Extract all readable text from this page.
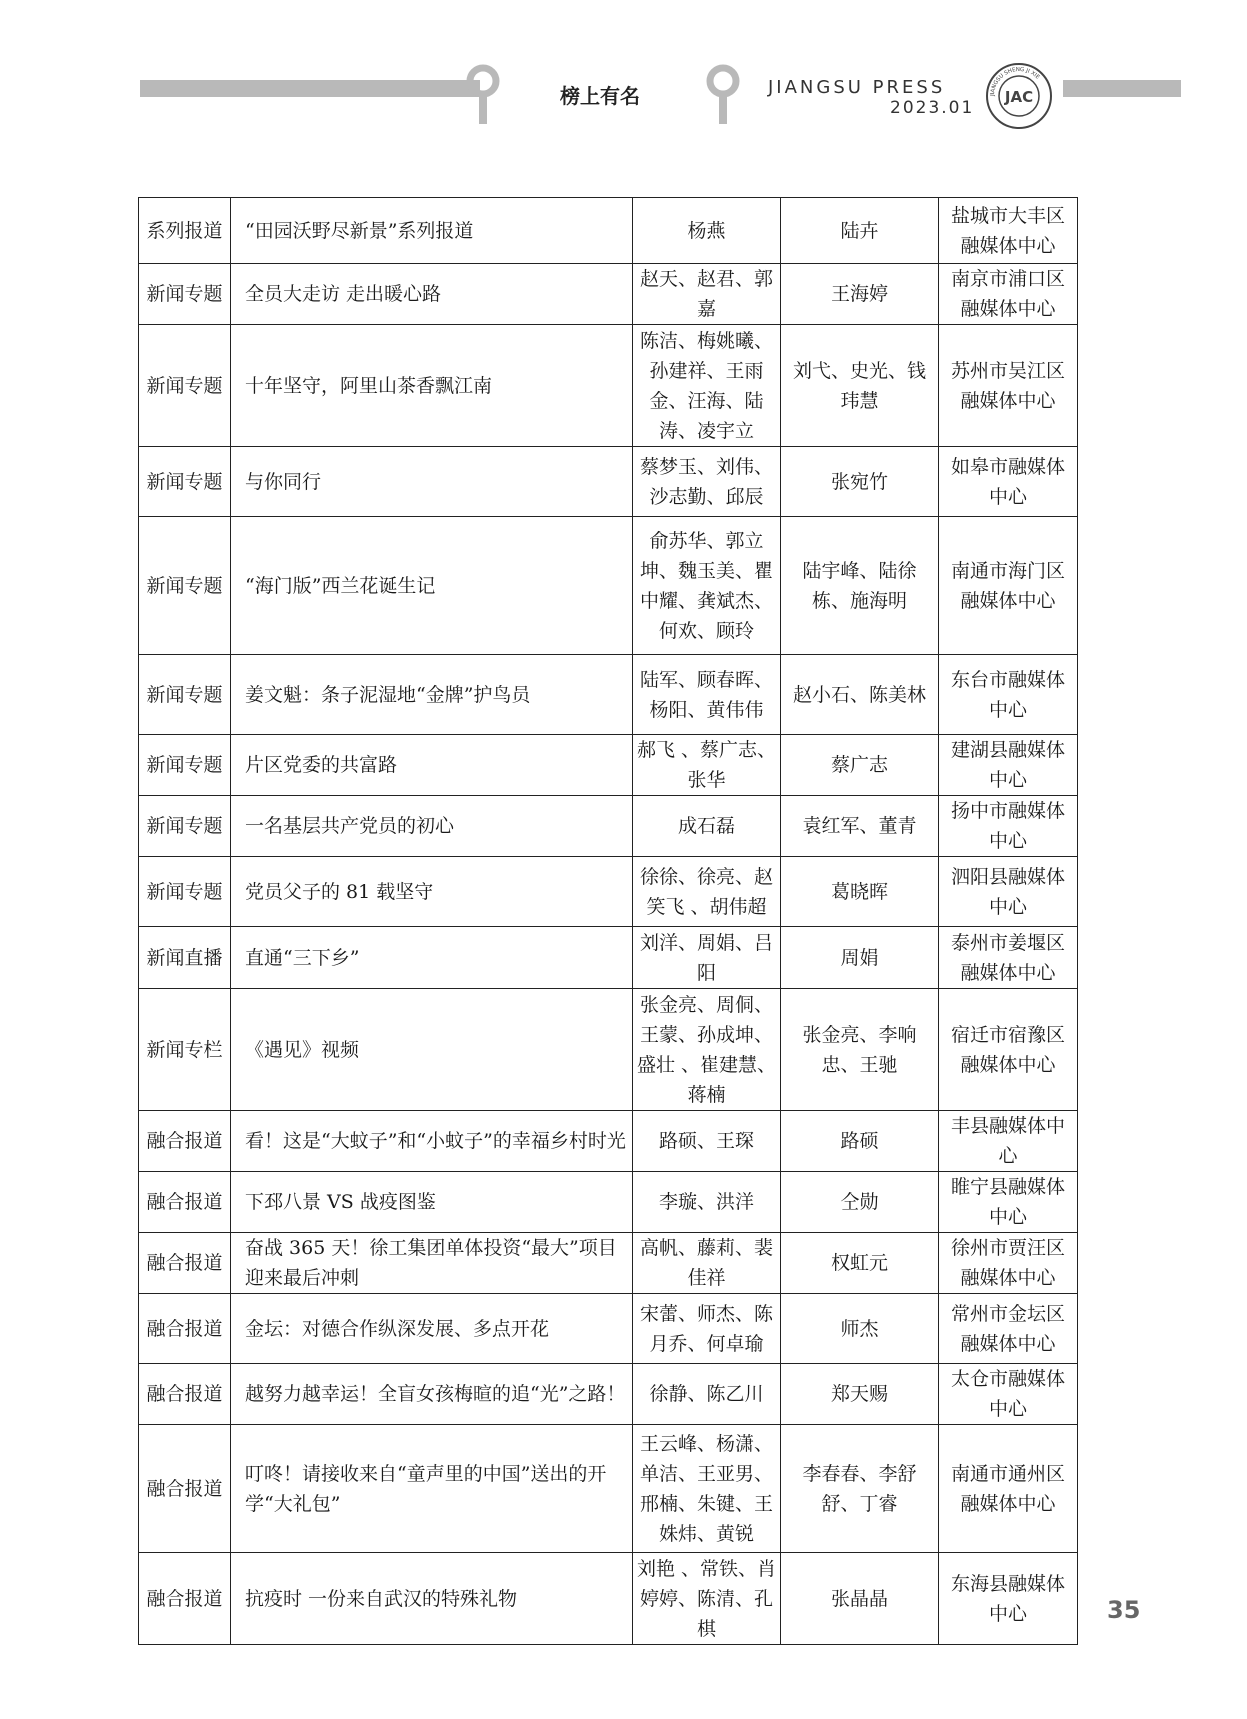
榜上有名	JIANGSU PRESS
2023.01
JIANGSU SHENG JI XIE
JAC
系列报道	“田园沃野尽新景”系列报道	杨燕	陆卉	盐城市大丰区融媒体中心
新闻专题	全员大走访 走出暖心路	赵天、赵君、郭嘉	王海婷	南京市浦口区融媒体中心
新闻专题	十年坚守，阿里山茶香飘江南	陈洁、梅姚曦、孙建祥、王雨金、汪海、陆涛、凌宇立	刘弋、史光、钱玮慧	苏州市吴江区融媒体中心
新闻专题	与你同行	蔡梦玉、刘伟、沙志勤、邱辰	张宛竹	如皋市融媒体中心
新闻专题	“海门版”西兰花诞生记	俞苏华、郭立坤、魏玉美、瞿中耀、龚斌杰、何欢、顾玲	陆宇峰、陆徐栋、施海明	南通市海门区融媒体中心
新闻专题	姜文魁：条子泥湿地“金牌”护鸟员	陆军、顾春晖、杨阳、黄伟伟	赵小石、陈美林	东台市融媒体中心
新闻专题	片区党委的共富路	郝飞 、蔡广志、张华	蔡广志	建湖县融媒体中心
新闻专题	一名基层共产党员的初心	成石磊	袁红军、董青	扬中市融媒体中心
新闻专题	党员父子的 81 载坚守	徐徐、徐亮、赵笑飞 、胡伟超	葛晓晖	泗阳县融媒体中心
新闻直播	直通“三下乡”	刘洋、周娟、吕阳	周娟	泰州市姜堰区融媒体中心
新闻专栏	《遇见》视频	张金亮、周侗、王蒙、孙成坤、盛壮 、崔建慧、蒋楠	张金亮、李响忠、王驰	宿迁市宿豫区融媒体中心
融合报道	看！这是“大蚊子”和“小蚊子”的幸福乡村时光	路硕、王琛	路硕	丰县融媒体中心
融合报道	下邳八景 VS 战疫图鉴	李璇、洪洋	仝勋	睢宁县融媒体中心
融合报道	奋战 365 天！徐工集团单体投资“最大”项目迎来最后冲刺	高帆、藤莉、裴佳祥	权虹元	徐州市贾汪区融媒体中心
融合报道	金坛：对德合作纵深发展、多点开花	宋蕾、师杰、陈月乔、何卓瑜	师杰	常州市金坛区融媒体中心
融合报道	越努力越幸运！全盲女孩梅暄的追“光”之路！	徐静、陈乙川	郑天赐	太仓市融媒体中心
融合报道	叮咚！请接收来自“童声里的中国”送出的开学“大礼包”	王云峰、杨潇、单洁、王亚男、邢楠、朱键、王姝炜、黄锐	李春春、李舒舒、丁睿	南通市通州区融媒体中心
融合报道	抗疫时 一份来自武汉的特殊礼物	刘艳 、常铁、肖婷婷、陈清、孔棋	张晶晶	东海县融媒体中心	35
